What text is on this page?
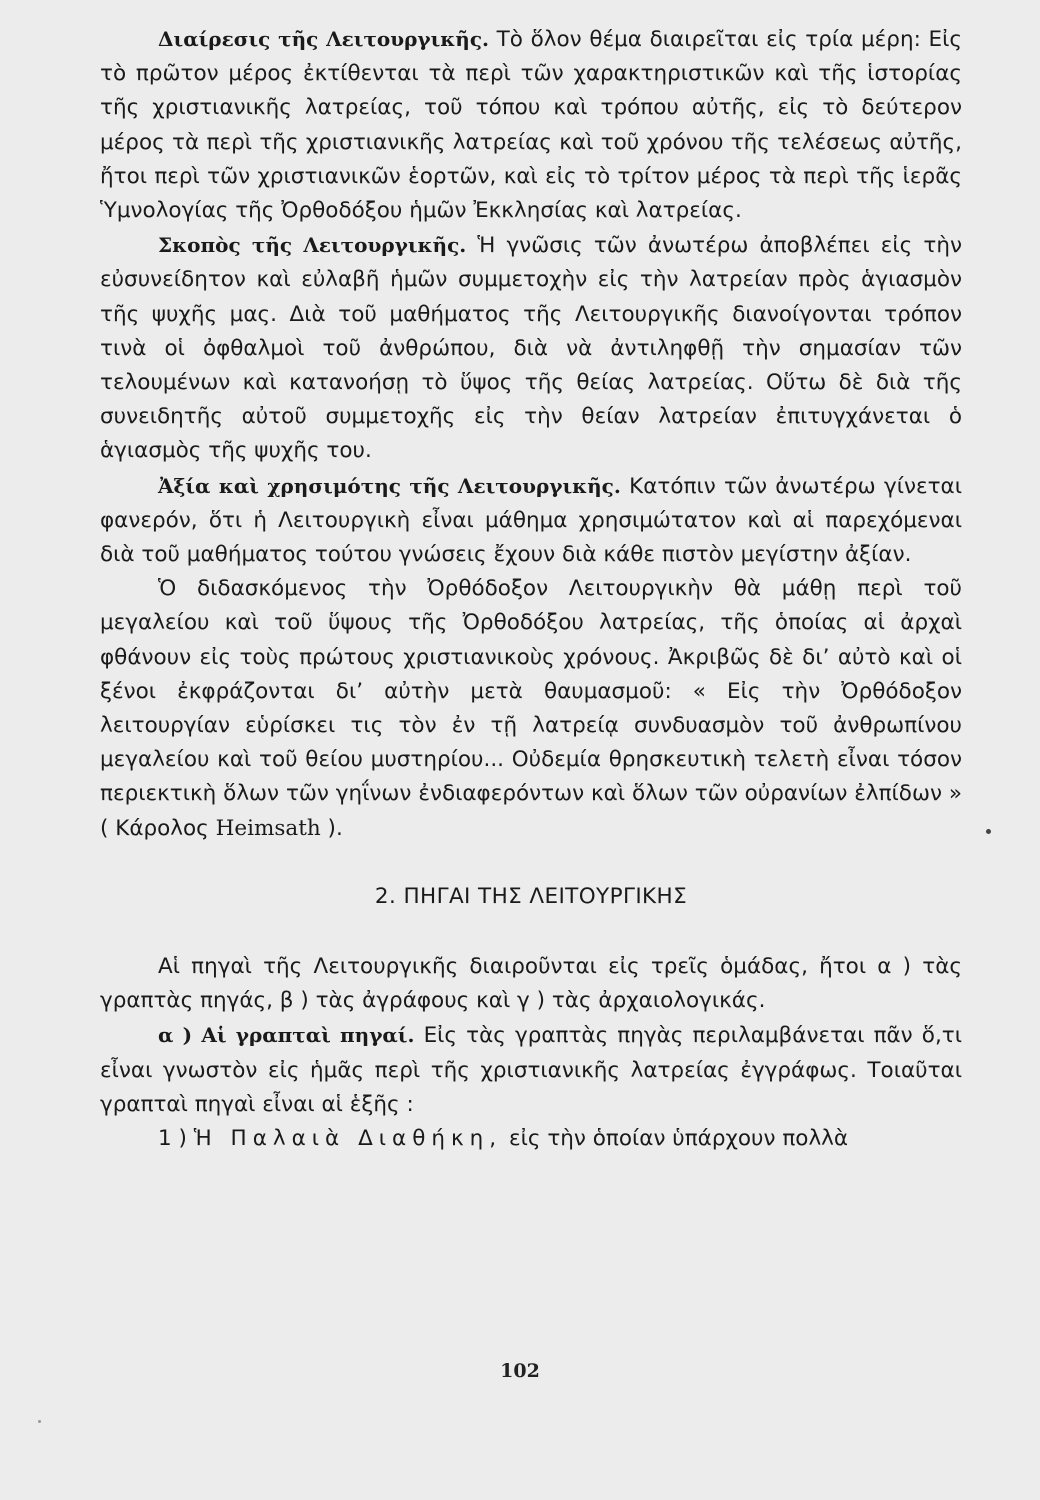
Διαίρεσις τῆς Λειτουργικῆς. Τὸ ὅλον θέμα διαιρεῖται εἰς τρία μέρη: Εἰς τὸ πρῶτον μέρος ἐκτίθενται τὰ περὶ τῶν χαρακτηριστικῶν καὶ τῆς ἱστορίας τῆς χριστιανικῆς λατρείας, τοῦ τόπου καὶ τρόπου αὐτῆς, εἰς τὸ δεύτερον μέρος τὰ περὶ τῆς χριστιανικῆς λατρείας καὶ τοῦ χρόνου τῆς τελέσεως αὐτῆς, ἤτοι περὶ τῶν χριστιανικῶν ἑορτῶν, καὶ εἰς τὸ τρίτον μέρος τὰ περὶ τῆς ἱερᾶς Ὑμνολογίας τῆς Ὀρθοδόξου ἡμῶν Ἐκκλησίας καὶ λατρείας.

Σκοπὸς τῆς Λειτουργικῆς. Ἡ γνῶσις τῶν ἀνωτέρω ἀποβλέπει εἰς τὴν εὐσυνείδητον καὶ εὐλαβῆ ἡμῶν συμμετοχὴν εἰς τὴν λατρείαν πρὸς ἁγιασμὸν τῆς ψυχῆς μας. Διὰ τοῦ μαθήματος τῆς Λειτουργικῆς διανοίγονται τρόπον τινὰ οἱ ὀφθαλμοὶ τοῦ ἀνθρώπου, διὰ νὰ ἀντιληφθῇ τὴν σημασίαν τῶν τελουμένων καὶ κατανοήσῃ τὸ ὕψος τῆς θείας λατρείας. Οὕτω δὲ διὰ τῆς συνειδητῆς αὐτοῦ συμμετοχῆς εἰς τὴν θείαν λατρείαν ἐπιτυγχάνεται ὁ ἁγιασμὸς τῆς ψυχῆς του.

Ἀξία καὶ χρησιμότης τῆς Λειτουργικῆς. Κατόπιν τῶν ἀνωτέρω γίνεται φανερόν, ὅτι ἡ Λειτουργικὴ εἶναι μάθημα χρησιμώτατον καὶ αἱ παρεχόμεναι διὰ τοῦ μαθήματος τούτου γνώσεις ἔχουν διὰ κάθε πιστὸν μεγίστην ἀξίαν.

Ὁ διδασκόμενος τὴν Ὀρθόδοξον Λειτουργικὴν θὰ μάθῃ περὶ τοῦ μεγαλείου καὶ τοῦ ὕψους τῆς Ὀρθοδόξου λατρείας, τῆς ὁποίας αἱ ἀρχαὶ φθάνουν εἰς τοὺς πρώτους χριστιανικοὺς χρόνους. Ἀκριβῶς δὲ δι’ αὐτὸ καὶ οἱ ξένοι ἐκφράζονται δι’ αὐτὴν μετὰ θαυμασμοῦ: « Εἰς τὴν Ὀρθόδοξον λειτουργίαν εὑρίσκει τις τὸν ἐν τῇ λατρείᾳ συνδυασμὸν τοῦ ἀνθρωπίνου μεγαλείου καὶ τοῦ θείου μυστηρίου... Οὐδεμία θρησκευτικὴ τελετὴ εἶναι τόσον περιεκτικὴ ὅλων τῶν γηΐνων ἐνδιαφερόντων καὶ ὅλων τῶν οὐρανίων ἐλπίδων » ( Κάρολος Heimsath ).

2. ΠΗΓΑΙ ΤΗΣ ΛΕΙΤΟΥΡΓΙΚΗΣ

Αἱ πηγαὶ τῆς Λειτουργικῆς διαιροῦνται εἰς τρεῖς ὁμάδας, ἤτοι α ) τὰς γραπτὰς πηγάς, β ) τὰς ἀγράφους καὶ γ ) τὰς ἀρχαιολογικάς.

α ) Αἱ γραπταὶ πηγαί. Εἰς τὰς γραπτὰς πηγὰς περιλαμβάνεται πᾶν ὅ,τι εἶναι γνωστὸν εἰς ἡμᾶς περὶ τῆς χριστιανικῆς λατρείας ἐγγράφως. Τοιαῦται γραπταὶ πηγαὶ εἶναι αἱ ἑξῆς :

1 ) Ἡ Παλαιὰ Διαθήκη, εἰς τὴν ὁποίαν ὑπάρχουν πολλὰ

102
